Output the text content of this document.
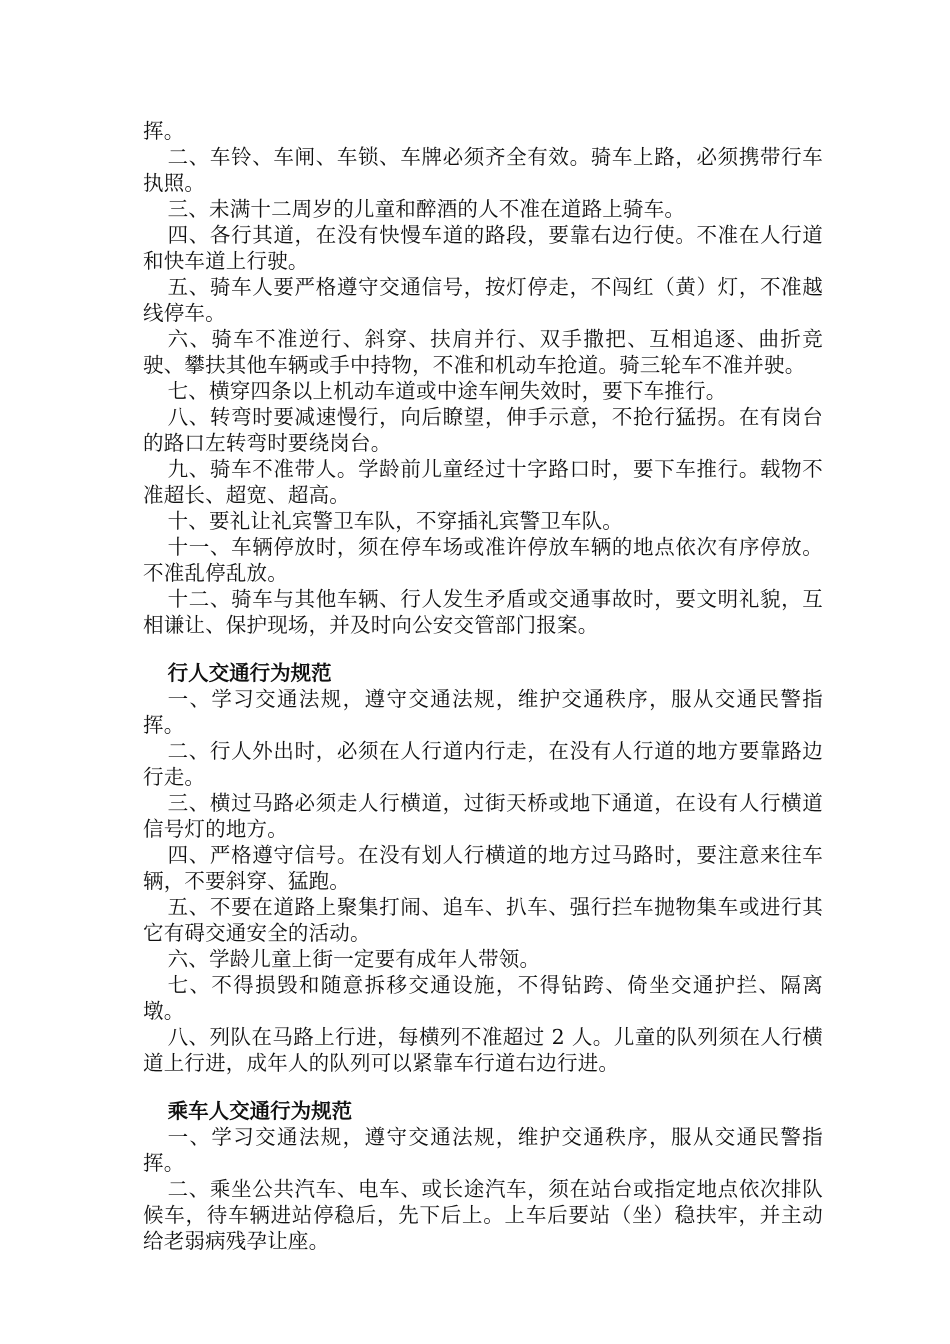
挥。

二、车铃、车闸、车锁、车牌必须齐全有效。骑车上路，必须携带行车执照。

三、未满十二周岁的儿童和醉酒的人不准在道路上骑车。

四、各行其道，在没有快慢车道的路段，要靠右边行使。不准在人行道和快车道上行驶。

五、骑车人要严格遵守交通信号，按灯停走，不闯红（黄）灯，不准越线停车。

六、骑车不准逆行、斜穿、扶肩并行、双手撒把、互相追逐、曲折竞驶、攀扶其他车辆或手中持物，不准和机动车抢道。骑三轮车不准并驶。

七、横穿四条以上机动车道或中途车闸失效时，要下车推行。

八、转弯时要减速慢行，向后瞭望，伸手示意，不抢行猛拐。在有岗台的路口左转弯时要绕岗台。

九、骑车不准带人。学龄前儿童经过十字路口时，要下车推行。载物不准超长、超宽、超高。

十、要礼让礼宾警卫车队，不穿插礼宾警卫车队。

十一、车辆停放时，须在停车场或准许停放车辆的地点依次有序停放。不准乱停乱放。

十二、骑车与其他车辆、行人发生矛盾或交通事故时，要文明礼貌，互相谦让、保护现场，并及时向公安交管部门报案。

行人交通行为规范

一、学习交通法规，遵守交通法规，维护交通秩序，服从交通民警指挥。

二、行人外出时，必须在人行道内行走，在没有人行道的地方要靠路边行走。

三、横过马路必须走人行横道，过街天桥或地下通道，在设有人行横道信号灯的地方。

四、严格遵守信号。在没有划人行横道的地方过马路时，要注意来往车辆，不要斜穿、猛跑。

五、不要在道路上聚集打闹、追车、扒车、强行拦车抛物集车或进行其它有碍交通安全的活动。

六、学龄儿童上街一定要有成年人带领。

七、不得损毁和随意拆移交通设施，不得钻跨、倚坐交通护拦、隔离墩。

八、列队在马路上行进，每横列不准超过 2 人。儿童的队列须在人行横道上行进，成年人的队列可以紧靠车行道右边行进。

乘车人交通行为规范

一、学习交通法规，遵守交通法规，维护交通秩序，服从交通民警指挥。

二、乘坐公共汽车、电车、或长途汽车，须在站台或指定地点依次排队候车，待车辆进站停稳后，先下后上。上车后要站（坐）稳扶牢，并主动给老弱病残孕让座。
